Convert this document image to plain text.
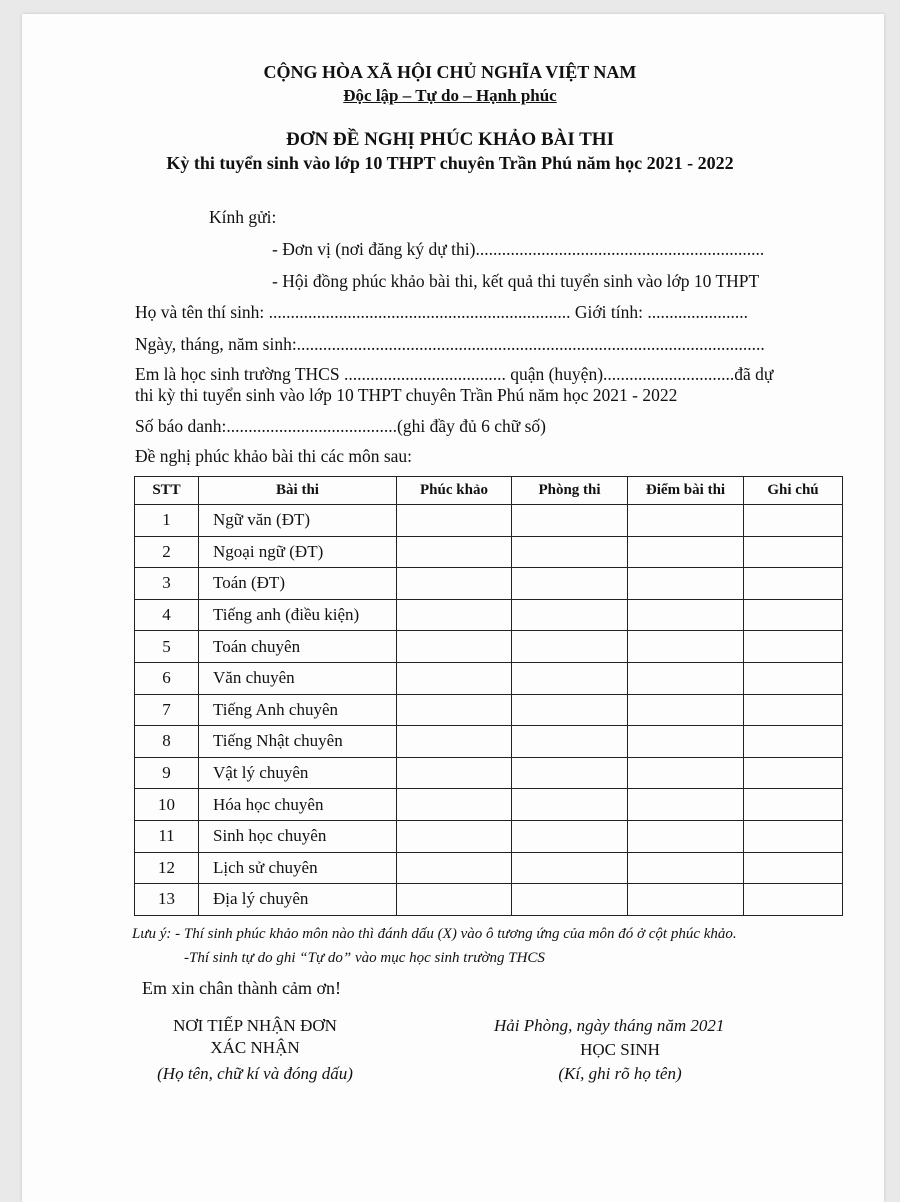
CỘNG HÒA XÃ HỘI CHỦ NGHĨA VIỆT NAM
Độc lập – Tự do – Hạnh phúc
ĐƠN ĐỀ NGHỊ PHÚC KHẢO BÀI THI
Kỳ thi tuyển sinh vào lớp 10 THPT chuyên Trần Phú năm học 2021 - 2022
Kính gửi:
- Đơn vị (nơi đăng ký dự thi)..................................................................
- Hội đồng phúc khảo bài thi, kết quả thi tuyển sinh vào lớp 10 THPT
Họ và tên thí sinh: ..................................................................... Giới tính: .......................
Ngày, tháng, năm sinh:...........................................................................................................
Em là học sinh trường THCS ..................................... quận (huyện)..............................đã dự
thi kỳ thi tuyển sinh vào lớp 10 THPT chuyên Trần Phú năm học 2021 - 2022
Số báo danh:.......................................(ghi đầy đủ 6 chữ số)
Đề nghị phúc khảo bài thi các môn sau:
STT	Bài thi	Phúc khảo	Phòng thi	Điểm bài thi	Ghi chú
1	Ngữ văn (ĐT)				
2	Ngoại ngữ (ĐT)				
3	Toán (ĐT)				
4	Tiếng anh (điều kiện)				
5	Toán chuyên				
6	Văn chuyên				
7	Tiếng Anh chuyên				
8	Tiếng Nhật chuyên				
9	Vật lý chuyên				
10	Hóa học chuyên				
11	Sinh học chuyên				
12	Lịch sử chuyên				
13	Địa lý chuyên				
Lưu ý: - Thí sinh phúc khảo môn nào thì đánh dấu (X) vào ô tương ứng của môn đó ở cột phúc khảo.
-Thí sinh tự do ghi “Tự do” vào mục học sinh trường THCS
Em xin chân thành cảm ơn!
NƠI TIẾP NHẬN ĐƠN
XÁC NHẬN
(Họ tên, chữ kí và đóng dấu)
Hải Phòng, ngày tháng năm 2021
HỌC SINH
(Kí, ghi rõ họ tên)
